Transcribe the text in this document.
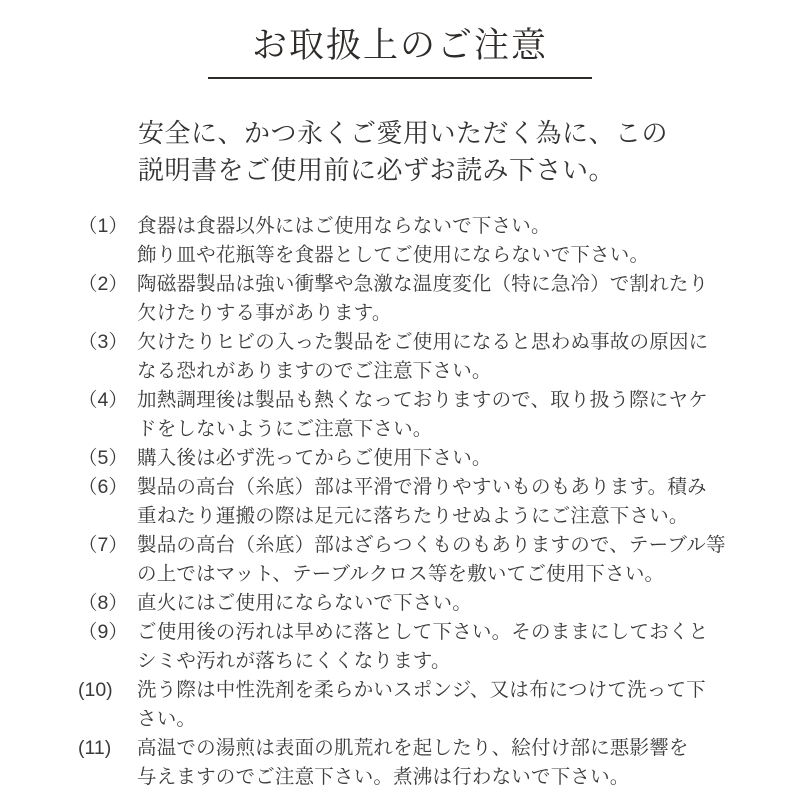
お取扱上のご注意

安全に、かつ永くご愛用いただく為に、この
説明書をご使用前に必ずお読み下さい。

（1） 食器は食器以外にはご使用ならないで下さい。
飾り皿や花瓶等を食器としてご使用にならないで下さい。
（2） 陶磁器製品は強い衝撃や急激な温度変化（特に急冷）で割れたり
欠けたりする事があります。
（3） 欠けたりヒビの入った製品をご使用になると思わぬ事故の原因に
なる恐れがありますのでご注意下さい。
（4） 加熱調理後は製品も熱くなっておりますので、取り扱う際にヤケ
ドをしないようにご注意下さい。
（5） 購入後は必ず洗ってからご使用下さい。
（6） 製品の高台（糸底）部は平滑で滑りやすいものもあります。積み
重ねたり運搬の際は足元に落ちたりせぬようにご注意下さい。
（7） 製品の高台（糸底）部はざらつくものもありますので、テーブル等
の上ではマット、テーブルクロス等を敷いてご使用下さい。
（8） 直火にはご使用にならないで下さい。
（9） ご使用後の汚れは早めに落として下さい。そのままにしておくと
シミや汚れが落ちにくくなります。
(10)	洗う際は中性洗剤を柔らかいスポンジ、又は布につけて洗って下
さい。
(11)	高温での湯煎は表面の肌荒れを起したり、絵付け部に悪影響を
与えますのでご注意下さい。煮沸は行わないで下さい。
